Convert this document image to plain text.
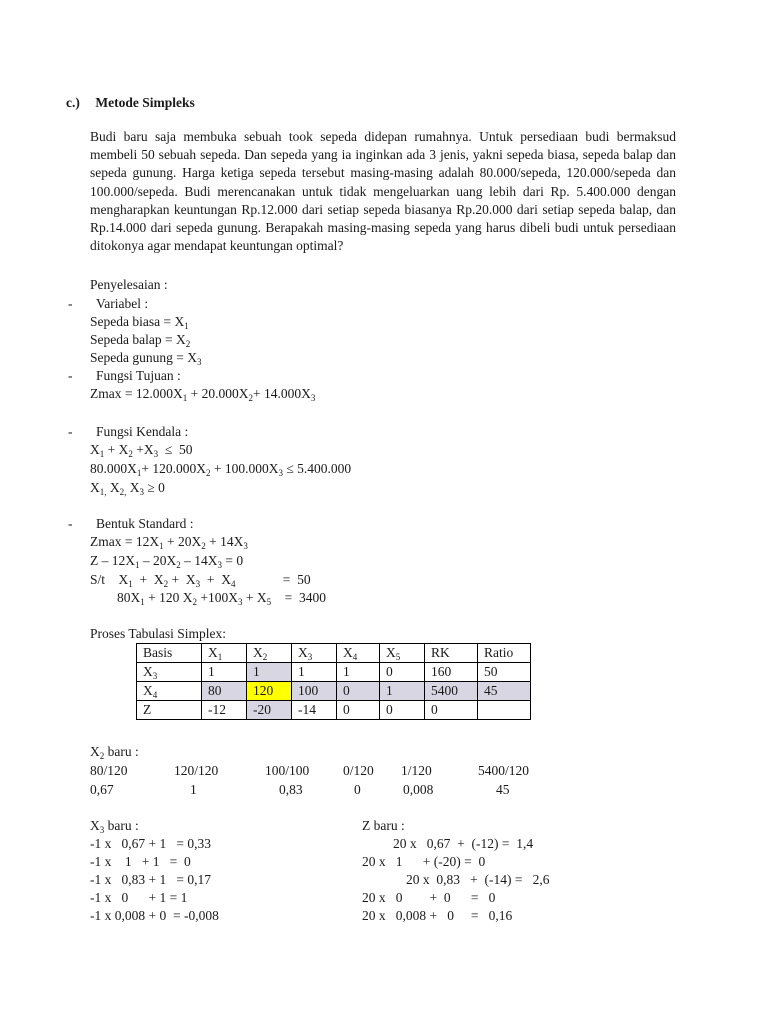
c.) Metode Simpleks
Budi baru saja membuka sebuah took sepeda didepan rumahnya. Untuk persediaan budi bermaksud membeli 50 sebuah sepeda. Dan sepeda yang ia inginkan ada 3 jenis, yakni sepeda biasa, sepeda balap dan sepeda gunung. Harga ketiga sepeda tersebut masing-masing adalah 80.000/sepeda, 120.000/sepeda dan 100.000/sepeda. Budi merencanakan untuk tidak mengeluarkan uang lebih dari Rp. 5.400.000 dengan mengharapkan keuntungan Rp.12.000 dari setiap sepeda biasanya Rp.20.000 dari setiap sepeda balap, dan Rp.14.000 dari sepeda gunung. Berapakah masing-masing sepeda yang harus dibeli budi untuk persediaan ditokonya agar mendapat keuntungan optimal?
Penyelesaian :
- Variabel :
Sepeda biasa = $X_1$
Sepeda balap = $X_2$
Sepeda gunung = $X_3$
- Fungsi Tujuan :
$Zmax = 12.000X_1 + 20.000X_2+ 14.000X_3$
- Fungsi Kendala :
$X_1 + X_2 +X_3 \le 50$
$80.000X_1+ 120.000X_2 + 100.000X_3 \le 5.400.000$
$X_{1,}$ $X_{2,}$ $X_3 \ge 0$
- Bentuk Standard :
$Zmax = 12X_1 + 20X_2 + 14X_3$
$Z - 12X_1 - 20X_2 - 14X_3 = 0$
S/t    $X_1 + X_2 + X_3 + X_4$              =  50
$80X_1 + 120$ $X_2 +100X_3 + X_5$    =  3400
Proses Tabulasi Simplex:
Basis	$X_1$	$X_2$	$X_3$	$X_4$	$X_5$	RK	Ratio
$X_3$	1	1	1	1	0	160	50
$X_4$	80	120	100	0	1	5400	45
Z	-12	-20	-14	0	0	0	
$X_2$ baru :
80/120	120/120	100/100 0/120 1/120	5400/120
0,67	1	0,83	0	0,008	45
$X_3$ baru :
-1 x   0,67 + 1   = 0,33
-1 x    1   + 1   =  0
-1 x   0,83 + 1   = 0,17
-1 x   0      + 1 = 1
-1 x 0,008 + 0  = -0,008
Z baru :
20 x   0,67  +  (-12) =  1,4
20 x   1      + (-20) =  0
20 x  0,83   +  (-14) =   2,6
20 x   0        +  0      =   0
20 x   0,008 +   0     =   0,16
